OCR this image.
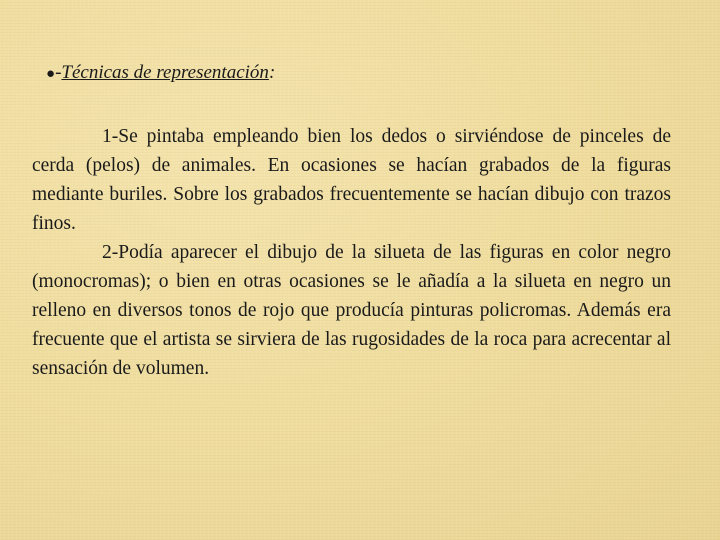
●-Técnicas de representación:

1-Se pintaba empleando bien los dedos o sirviéndose de pinceles de cerda (pelos) de animales. En ocasiones se hacían grabados de la figuras mediante buriles. Sobre los grabados frecuentemente se hacían dibujo con trazos finos.

2-Podía aparecer el dibujo de la silueta de las figuras en color negro (monocromas); o bien en otras ocasiones se le añadía a la silueta en negro un relleno en diversos tonos de rojo que producía pinturas policromas. Además era frecuente que el artista se sirviera de las rugosidades de la roca para acrecentar al sensación de volumen.
